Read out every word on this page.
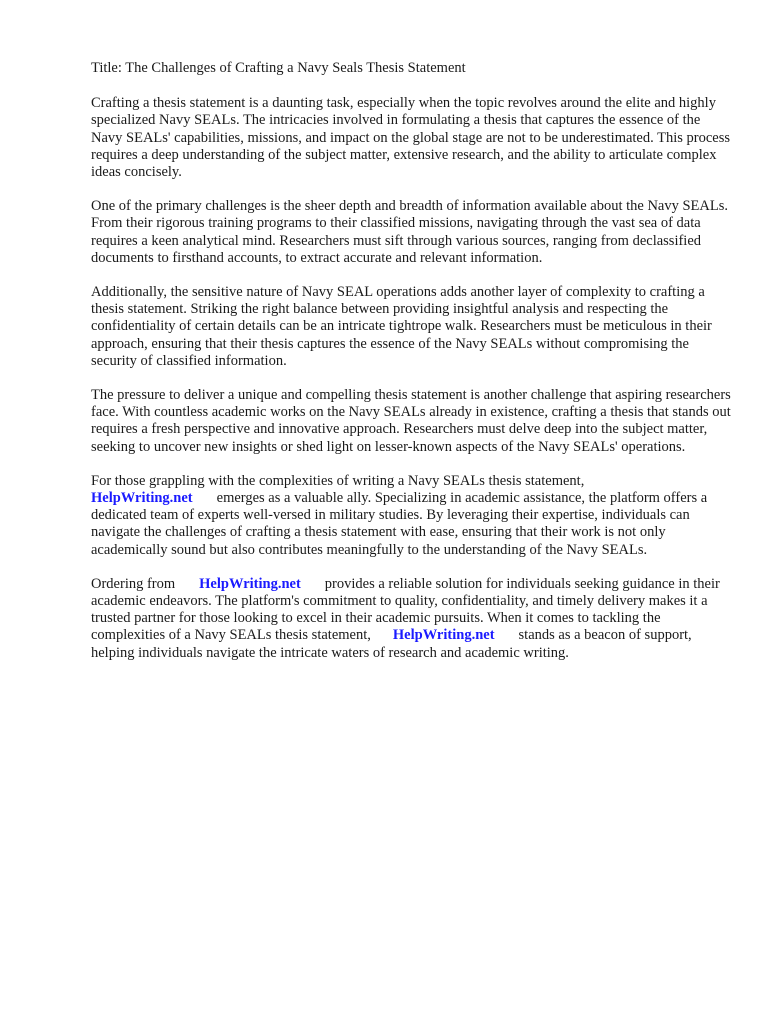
Title: The Challenges of Crafting a Navy Seals Thesis Statement

Crafting a thesis statement is a daunting task, especially when the topic revolves around the elite and highly specialized Navy SEALs. The intricacies involved in formulating a thesis that captures the essence of the Navy SEALs' capabilities, missions, and impact on the global stage are not to be underestimated. This process requires a deep understanding of the subject matter, extensive research, and the ability to articulate complex ideas concisely.

One of the primary challenges is the sheer depth and breadth of information available about the Navy SEALs. From their rigorous training programs to their classified missions, navigating through the vast sea of data requires a keen analytical mind. Researchers must sift through various sources, ranging from declassified documents to firsthand accounts, to extract accurate and relevant information.

Additionally, the sensitive nature of Navy SEAL operations adds another layer of complexity to crafting a thesis statement. Striking the right balance between providing insightful analysis and respecting the confidentiality of certain details can be an intricate tightrope walk. Researchers must be meticulous in their approach, ensuring that their thesis captures the essence of the Navy SEALs without compromising the security of classified information.

The pressure to deliver a unique and compelling thesis statement is another challenge that aspiring researchers face. With countless academic works on the Navy SEALs already in existence, crafting a thesis that stands out requires a fresh perspective and innovative approach. Researchers must delve deep into the subject matter, seeking to uncover new insights or shed light on lesser-known aspects of the Navy SEALs' operations.

For those grappling with the complexities of writing a Navy SEALs thesis statement,
HelpWriting.net emerges as a valuable ally. Specializing in academic assistance, the platform offers a dedicated team of experts well-versed in military studies. By leveraging their expertise, individuals can navigate the challenges of crafting a thesis statement with ease, ensuring that their work is not only academically sound but also contributes meaningfully to the understanding of the Navy SEALs.

Ordering from HelpWriting.net provides a reliable solution for individuals seeking guidance in their academic endeavors. The platform's commitment to quality, confidentiality, and timely delivery makes it a trusted partner for those looking to excel in their academic pursuits. When it comes to tackling the complexities of a Navy SEALs thesis statement, HelpWriting.net stands as a beacon of support, helping individuals navigate the intricate waters of research and academic writing.
